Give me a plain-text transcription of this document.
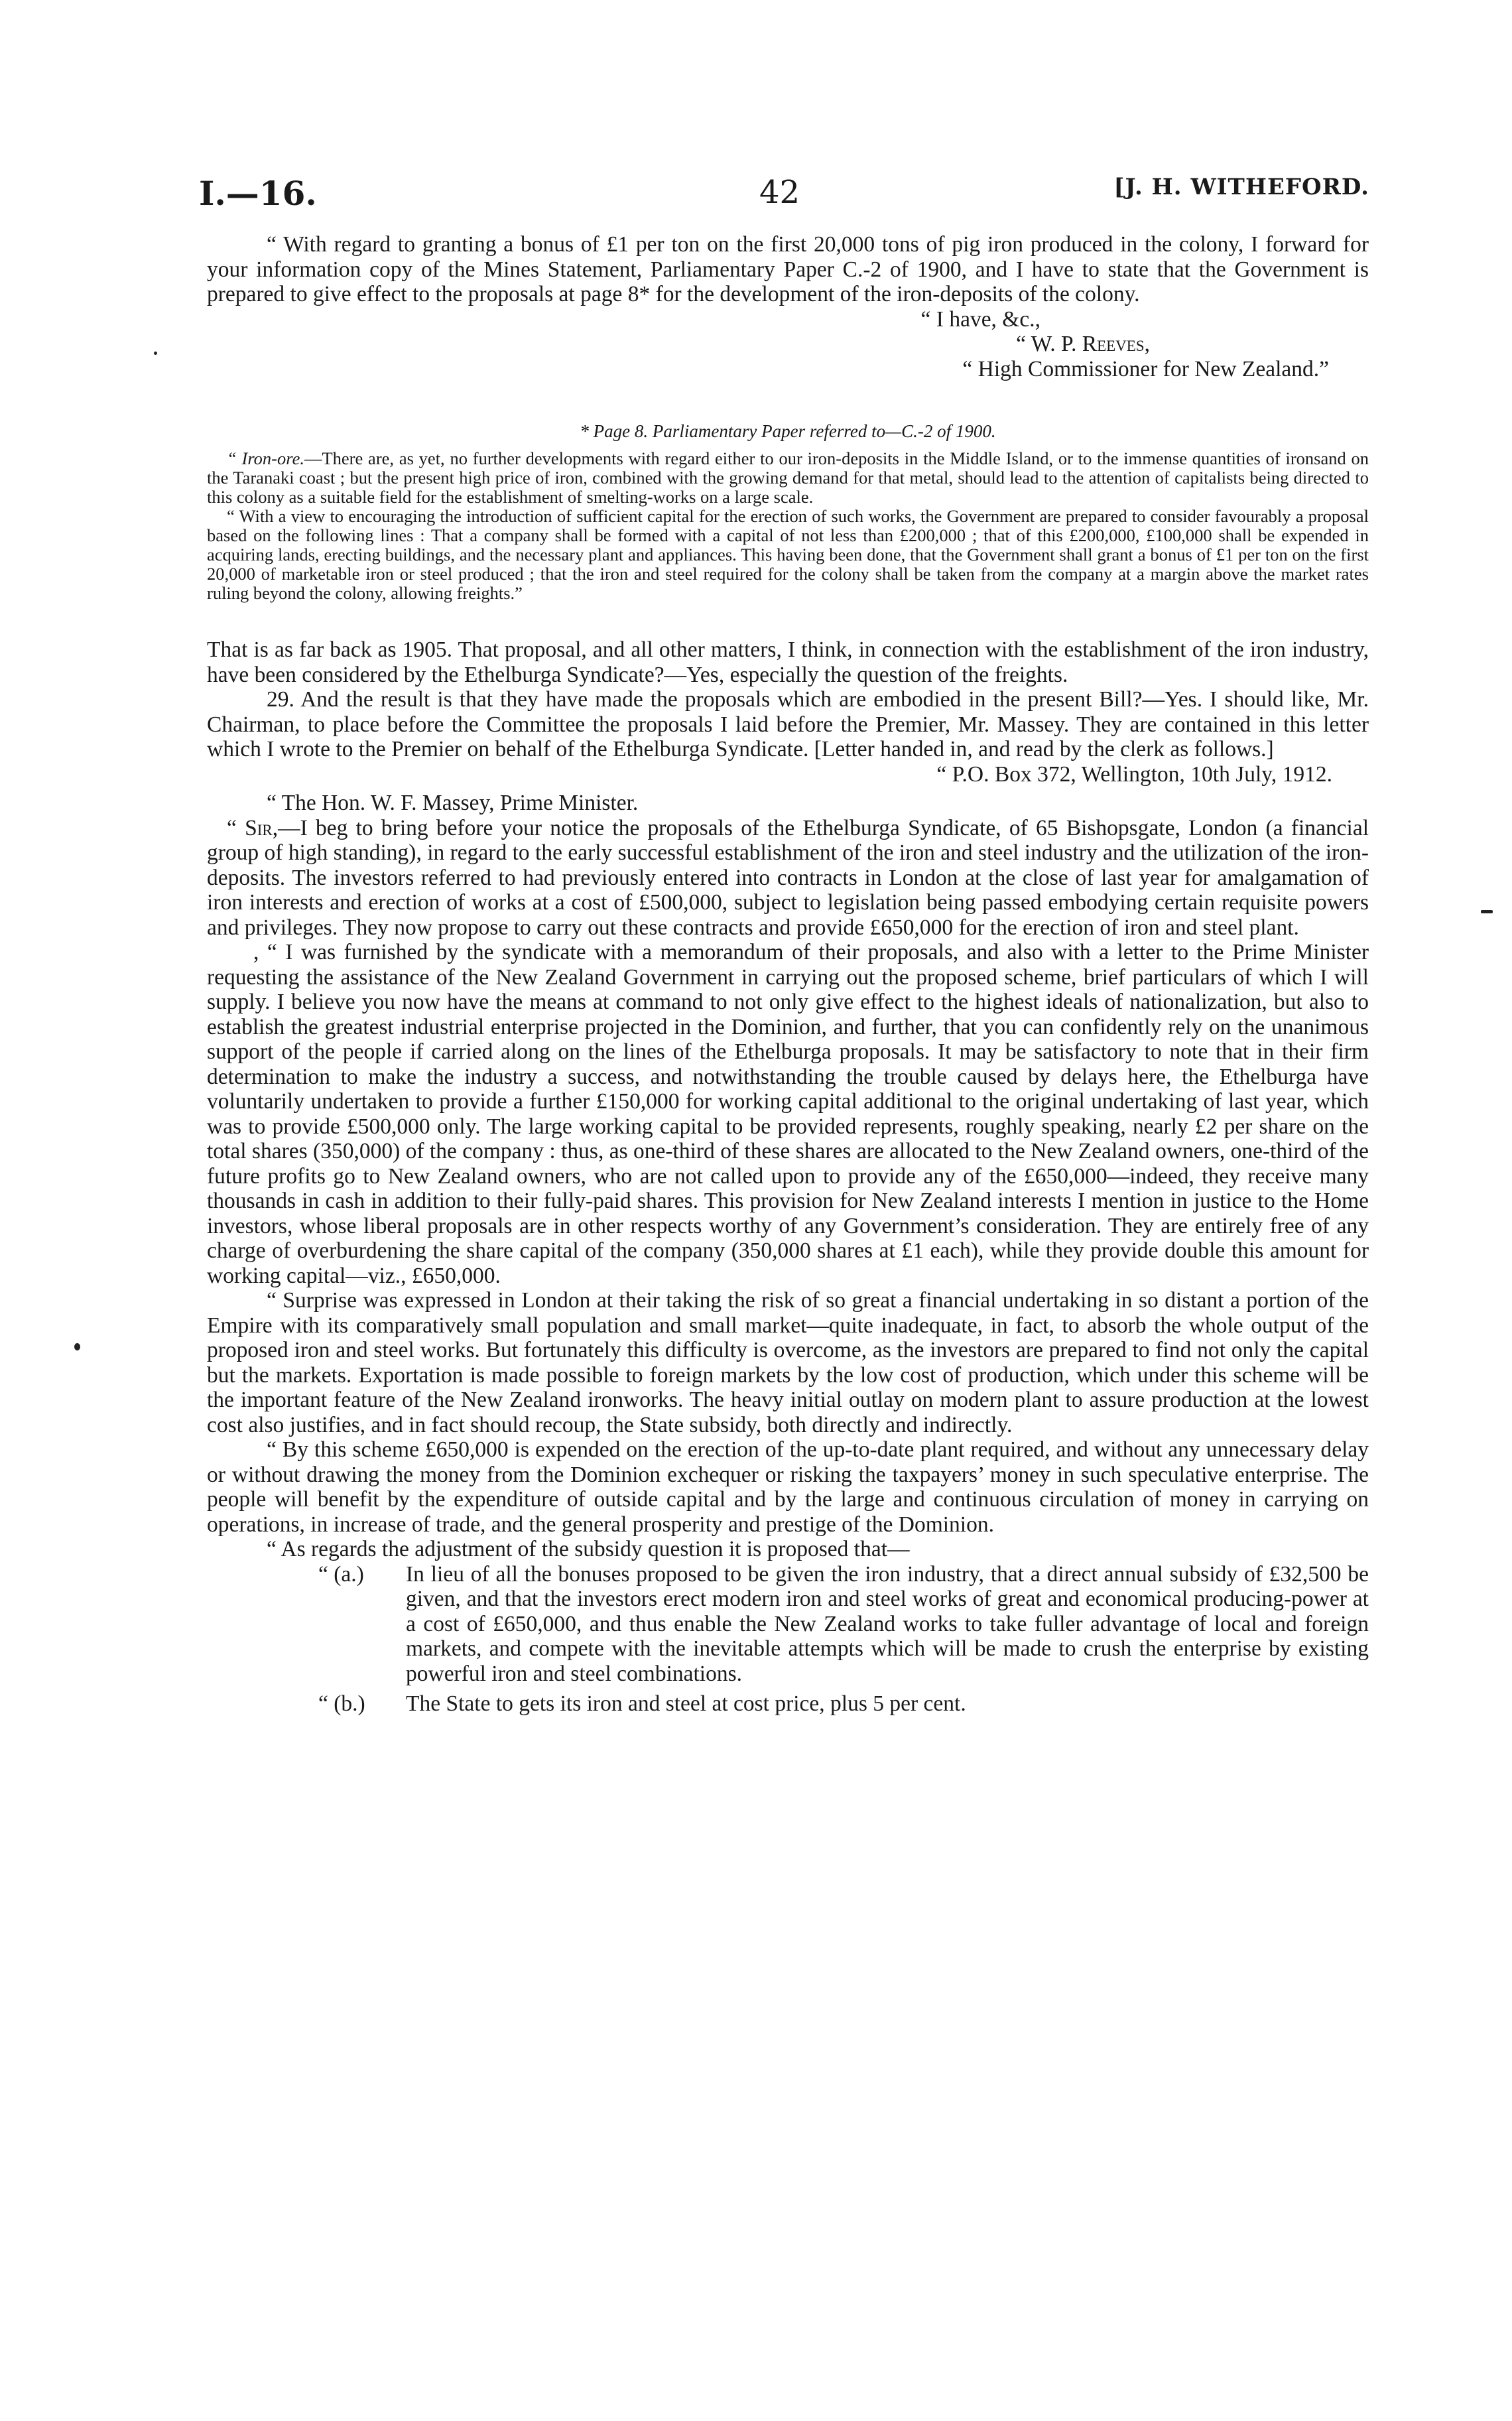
I.—16.	42	[J. H. WITHEFORD.

“ With regard to granting a bonus of £1 per ton on the first 20,000 tons of pig iron produced in the colony, I forward for your information copy of the Mines Statement, Parliamentary Paper C.-2 of 1900, and I have to state that the Government is prepared to give effect to the proposals at page 8* for the development of the iron-deposits of the colony.

“ I have, &c.,

“ W. P. Reeves,

“ High Commissioner for New Zealand.”

* Page 8. Parliamentary Paper referred to—C.-2 of 1900.

“ Iron-ore.—There are, as yet, no further developments with regard either to our iron-deposits in the Middle Island, or to the immense quantities of ironsand on the Taranaki coast ; but the present high price of iron, combined with the growing demand for that metal, should lead to the attention of capitalists being directed to this colony as a suitable field for the establishment of smelting-works on a large scale.

“ With a view to encouraging the introduction of sufficient capital for the erection of such works, the Government are prepared to consider favourably a proposal based on the following lines : That a company shall be formed with a capital of not less than £200,000 ; that of this £200,000, £100,000 shall be expended in acquiring lands, erecting buildings, and the necessary plant and appliances. This having been done, that the Government shall grant a bonus of £1 per ton on the first 20,000 of marketable iron or steel produced ; that the iron and steel required for the colony shall be taken from the company at a margin above the market rates ruling beyond the colony, allowing freights.”

That is as far back as 1905. That proposal, and all other matters, I think, in connection with the establishment of the iron industry, have been considered by the Ethelburga Syndicate?—Yes, especially the question of the freights.

29. And the result is that they have made the proposals which are embodied in the present Bill?—Yes. I should like, Mr. Chairman, to place before the Committee the proposals I laid before the Premier, Mr. Massey. They are contained in this letter which I wrote to the Premier on behalf of the Ethelburga Syndicate. [Letter handed in, and read by the clerk as follows.]

“ P.O. Box 372, Wellington, 10th July, 1912.

“ The Hon. W. F. Massey, Prime Minister.

“ Sir,—I beg to bring before your notice the proposals of the Ethelburga Syndicate, of 65 Bishopsgate, London (a financial group of high standing), in regard to the early successful establishment of the iron and steel industry and the utilization of the iron-deposits. The investors referred to had previously entered into contracts in London at the close of last year for amalgamation of iron interests and erection of works at a cost of £500,000, subject to legislation being passed embodying certain requisite powers and privileges. They now propose to carry out these contracts and provide £650,000 for the erection of iron and steel plant.

, “ I was furnished by the syndicate with a memorandum of their proposals, and also with a letter to the Prime Minister requesting the assistance of the New Zealand Government in carrying out the proposed scheme, brief particulars of which I will supply. I believe you now have the means at command to not only give effect to the highest ideals of nationalization, but also to establish the greatest industrial enterprise projected in the Dominion, and further, that you can confidently rely on the unanimous support of the people if carried along on the lines of the Ethelburga proposals. It may be satisfactory to note that in their firm determination to make the industry a success, and notwithstanding the trouble caused by delays here, the Ethelburga have voluntarily undertaken to provide a further £150,000 for working capital additional to the original undertaking of last year, which was to provide £500,000 only. The large working capital to be provided represents, roughly speaking, nearly £2 per share on the total shares (350,000) of the company : thus, as one-third of these shares are allocated to the New Zealand owners, one-third of the future profits go to New Zealand owners, who are not called upon to provide any of the £650,000—indeed, they receive many thousands in cash in addition to their fully-paid shares. This provision for New Zealand interests I mention in justice to the Home investors, whose liberal proposals are in other respects worthy of any Government’s consideration. They are entirely free of any charge of overburdening the share capital of the company (350,000 shares at £1 each), while they provide double this amount for working capital—viz., £650,000.

“ Surprise was expressed in London at their taking the risk of so great a financial undertaking in so distant a portion of the Empire with its comparatively small population and small market—quite inadequate, in fact, to absorb the whole output of the proposed iron and steel works. But fortunately this difficulty is overcome, as the investors are prepared to find not only the capital but the markets. Exportation is made possible to foreign markets by the low cost of production, which under this scheme will be the important feature of the New Zealand ironworks. The heavy initial outlay on modern plant to assure production at the lowest cost also justifies, and in fact should recoup, the State subsidy, both directly and indirectly.

“ By this scheme £650,000 is expended on the erection of the up-to-date plant required, and without any unnecessary delay or without drawing the money from the Dominion exchequer or risking the taxpayers’ money in such speculative enterprise. The people will benefit by the expenditure of outside capital and by the large and continuous circulation of money in carrying on operations, in increase of trade, and the general prosperity and prestige of the Dominion.

“ As regards the adjustment of the subsidy question it is proposed that—

“ (a.) In lieu of all the bonuses proposed to be given the iron industry, that a direct annual subsidy of £32,500 be given, and that the investors erect modern iron and steel works of great and economical producing-power at a cost of £650,000, and thus enable the New Zealand works to take fuller advantage of local and foreign markets, and compete with the inevitable attempts which will be made to crush the enterprise by existing powerful iron and steel combinations.

“ (b.) The State to gets its iron and steel at cost price, plus 5 per cent.
